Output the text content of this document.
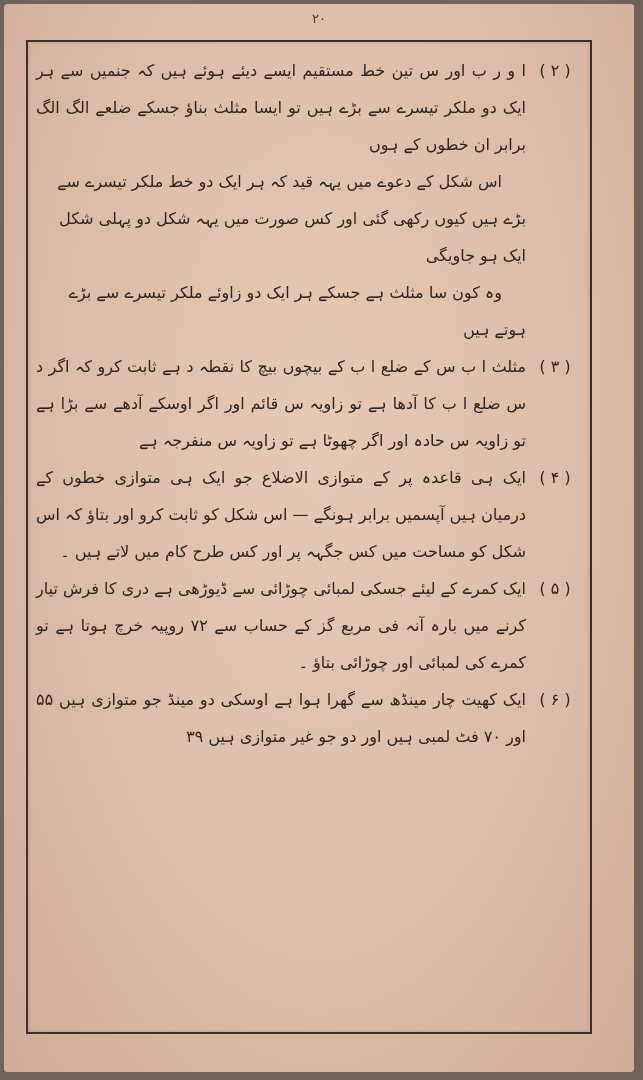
۲۰
( ۲ )
ا و ر ب اور س تین خط مستقیم ایسے دیئے ہوئے ہیں کہ جنمیں سے ہر ایک دو ملکر تیسرے سے بڑے ہیں تو ایسا مثلث بناؤ جسکے ضلعے الگ الگ برابر ان خطوں کے ہوں
اس شکل کے دعوے میں یہہ قید کہ ہر ایک دو خط ملکر تیسرے سے بڑے ہیں کیوں رکھی گئی اور کس صورت میں یہہ شکل دو پہلی شکل ایک ہو جاویگی
وہ کون سا مثلث ہے جسکے ہر ایک دو زاوئے ملکر تیسرے سے بڑے ہوتے ہیں
( ۳ )
مثلث ا ب س کے ضلع ا ب کے بیچوں بیچ کا نقطہ د ہے ثابت کرو کہ اگر د س ضلع ا ب کا آدھا ہے تو زاویہ س قائم اور اگر اوسکے آدھے سے بڑا ہے تو زاویہ س حادہ اور اگر چھوٹا ہے تو زاویہ س منفرجہ ہے
( ۴ )
ایک ہی قاعدہ پر کے متوازی الاضلاع جو ایک ہی متوازی خطوں کے درمیان ہیں آپسمیں برابر ہونگے — اس شکل کو ثابت کرو اور بتاؤ کہ اس شکل کو مساحت میں کس جگہہ پر اور کس طرح کام میں لاتے ہیں ۔
( ۵ )
ایک کمرے کے لیئے جسکی لمبائی چوڑائی سے ڈیوڑھی ہے دری کا فرش تیار کرنے میں بارہ آنہ فی مربع گز کے حساب سے ۷۲ روپیہ خرچ ہوتا ہے تو کمرے کی لمبائی اور چوڑائی بتاؤ ۔
( ۶ )
ایک کھیت چار مینڈھ سے گھرا ہوا ہے اوسکی دو مینڈ جو متوازی ہیں ۵۵ اور ۷۰ فٹ لمبی ہیں اور دو جو غیر متوازی ہیں ۳۹
